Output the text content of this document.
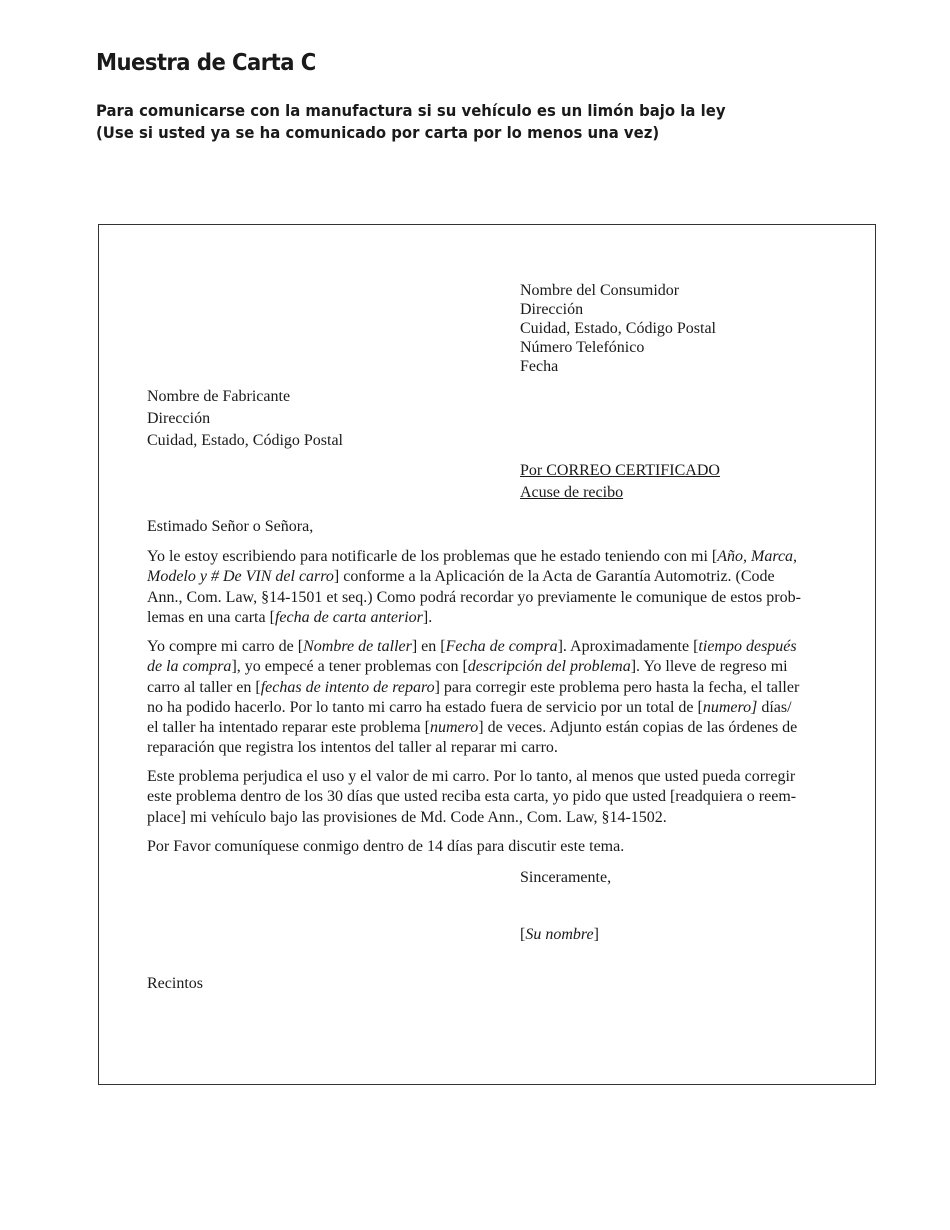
Muestra de Carta C
Para comunicarse con la manufactura si su vehículo es un limón bajo la ley
(Use si usted ya se ha comunicado por carta por lo menos una vez)
Nombre del Consumidor
Dirección
Cuidad, Estado, Código Postal
Número Telefónico
Fecha
Nombre de Fabricante
Dirección
Cuidad, Estado, Código Postal
Por CORREO CERTIFICADO
Acuse de recibo
Estimado Señor o Señora,
Yo le estoy escribiendo para notificarle de los problemas que he estado teniendo con mi [Año, Marca,
Modelo y # De VIN del carro] conforme a la Aplicación de la Acta de Garantía Automotriz. (Code
Ann., Com. Law, §14-1501 et seq.) Como podrá recordar yo previamente le comunique de estos prob-
lemas en una carta [fecha de carta anterior].
Yo compre mi carro de [Nombre de taller] en [Fecha de compra]. Aproximadamente [tiempo después
de la compra], yo empecé a tener problemas con [descripción del problema]. Yo lleve de regreso mi
carro al taller en [fechas de intento de reparo] para corregir este problema pero hasta la fecha, el taller
no ha podido hacerlo. Por lo tanto mi carro ha estado fuera de servicio por un total de [numero] días/
el taller ha intentado reparar este problema [numero] de veces. Adjunto están copias de las órdenes de
reparación que registra los intentos del taller al reparar mi carro.
Este problema perjudica el uso y el valor de mi carro. Por lo tanto, al menos que usted pueda corregir
este problema dentro de los 30 días que usted reciba esta carta, yo pido que usted [readquiera o reem-
place] mi vehículo bajo las provisiones de Md. Code Ann., Com. Law, §14-1502.
Por Favor comuníquese conmigo dentro de 14 días para discutir este tema.
Sinceramente,
[Su nombre]
Recintos
